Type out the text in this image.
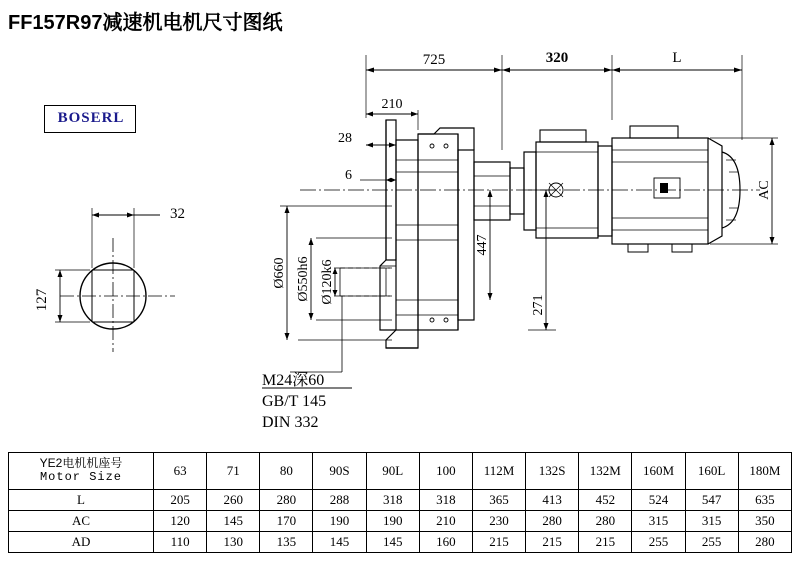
FF157R97减速机电机尺寸图纸
BOSERL
725	320	L
210
28
6
32
127
Ø660 Ø550h6 Ø120k6
447
271
AC
M24深60
GB/T 145
DIN 332
YE2电机机座号
Motor Size	63	71	80	90S	90L	100	112M	132S	132M	160M	160L	180M
L	205	260	280	288	318	318	365	413	452	524	547	635
AC	120	145	170	190	190	210	230	280	280	315	315	350
AD	110	130	135	145	145	160	215	215	215	255	255	280
